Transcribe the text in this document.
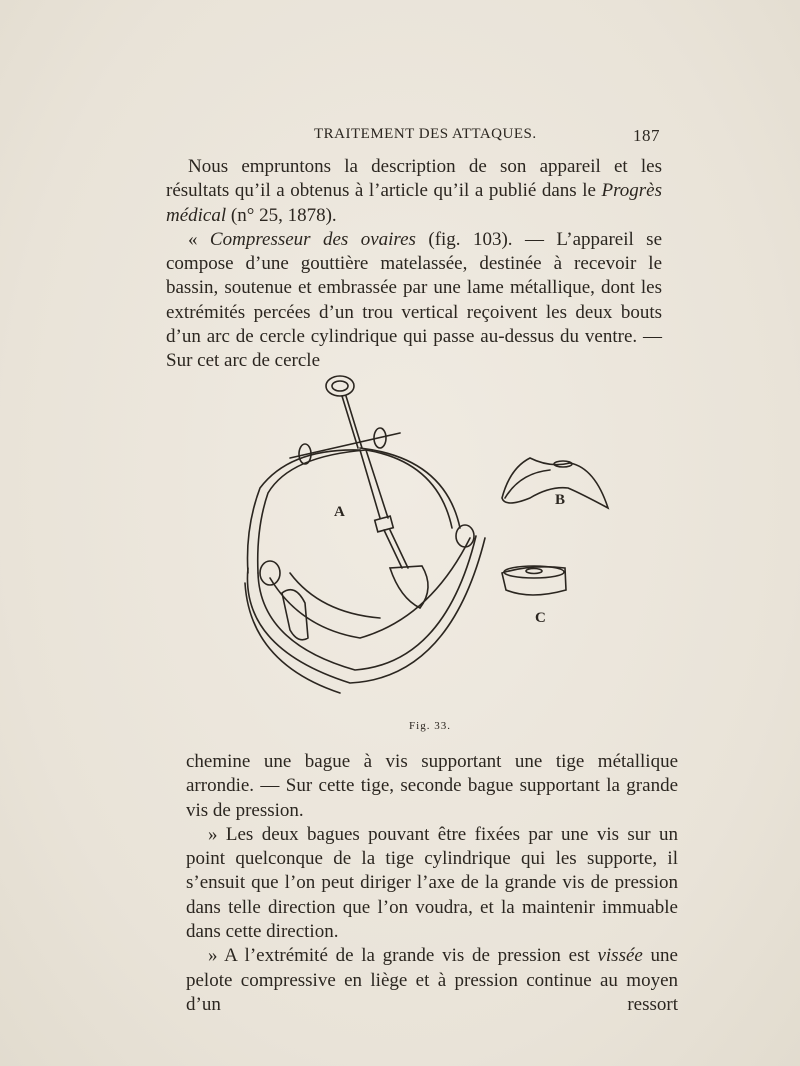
TRAITEMENT DES ATTAQUES.	187

Nous empruntons la description de son appareil et les résultats qu’il a obtenus à l’article qu’il a publié dans le Progrès médical (n° 25, 1878).

« Compresseur des ovaires (fig. 103). — L’appareil se compose d’une gouttière matelassée, destinée à recevoir le bassin, soutenue et embrassée par une lame métallique, dont les extrémités percées d’un trou vertical reçoivent les deux bouts d’un arc de cercle cylindrique qui passe au-dessus du ventre. — Sur cet arc de cercle

A
B
C
Fig. 33.

chemine une bague à vis supportant une tige métallique arrondie. — Sur cette tige, seconde bague supportant la grande vis de pression.

» Les deux bagues pouvant être fixées par une vis sur un point quelconque de la tige cylindrique qui les supporte, il s’ensuit que l’on peut diriger l’axe de la grande vis de pression dans telle direction que l’on voudra, et la maintenir immuable dans cette direction.

» A l’extrémité de la grande vis de pression est vissée une pelote compressive en liège et à pression continue au moyen d’un ressort
